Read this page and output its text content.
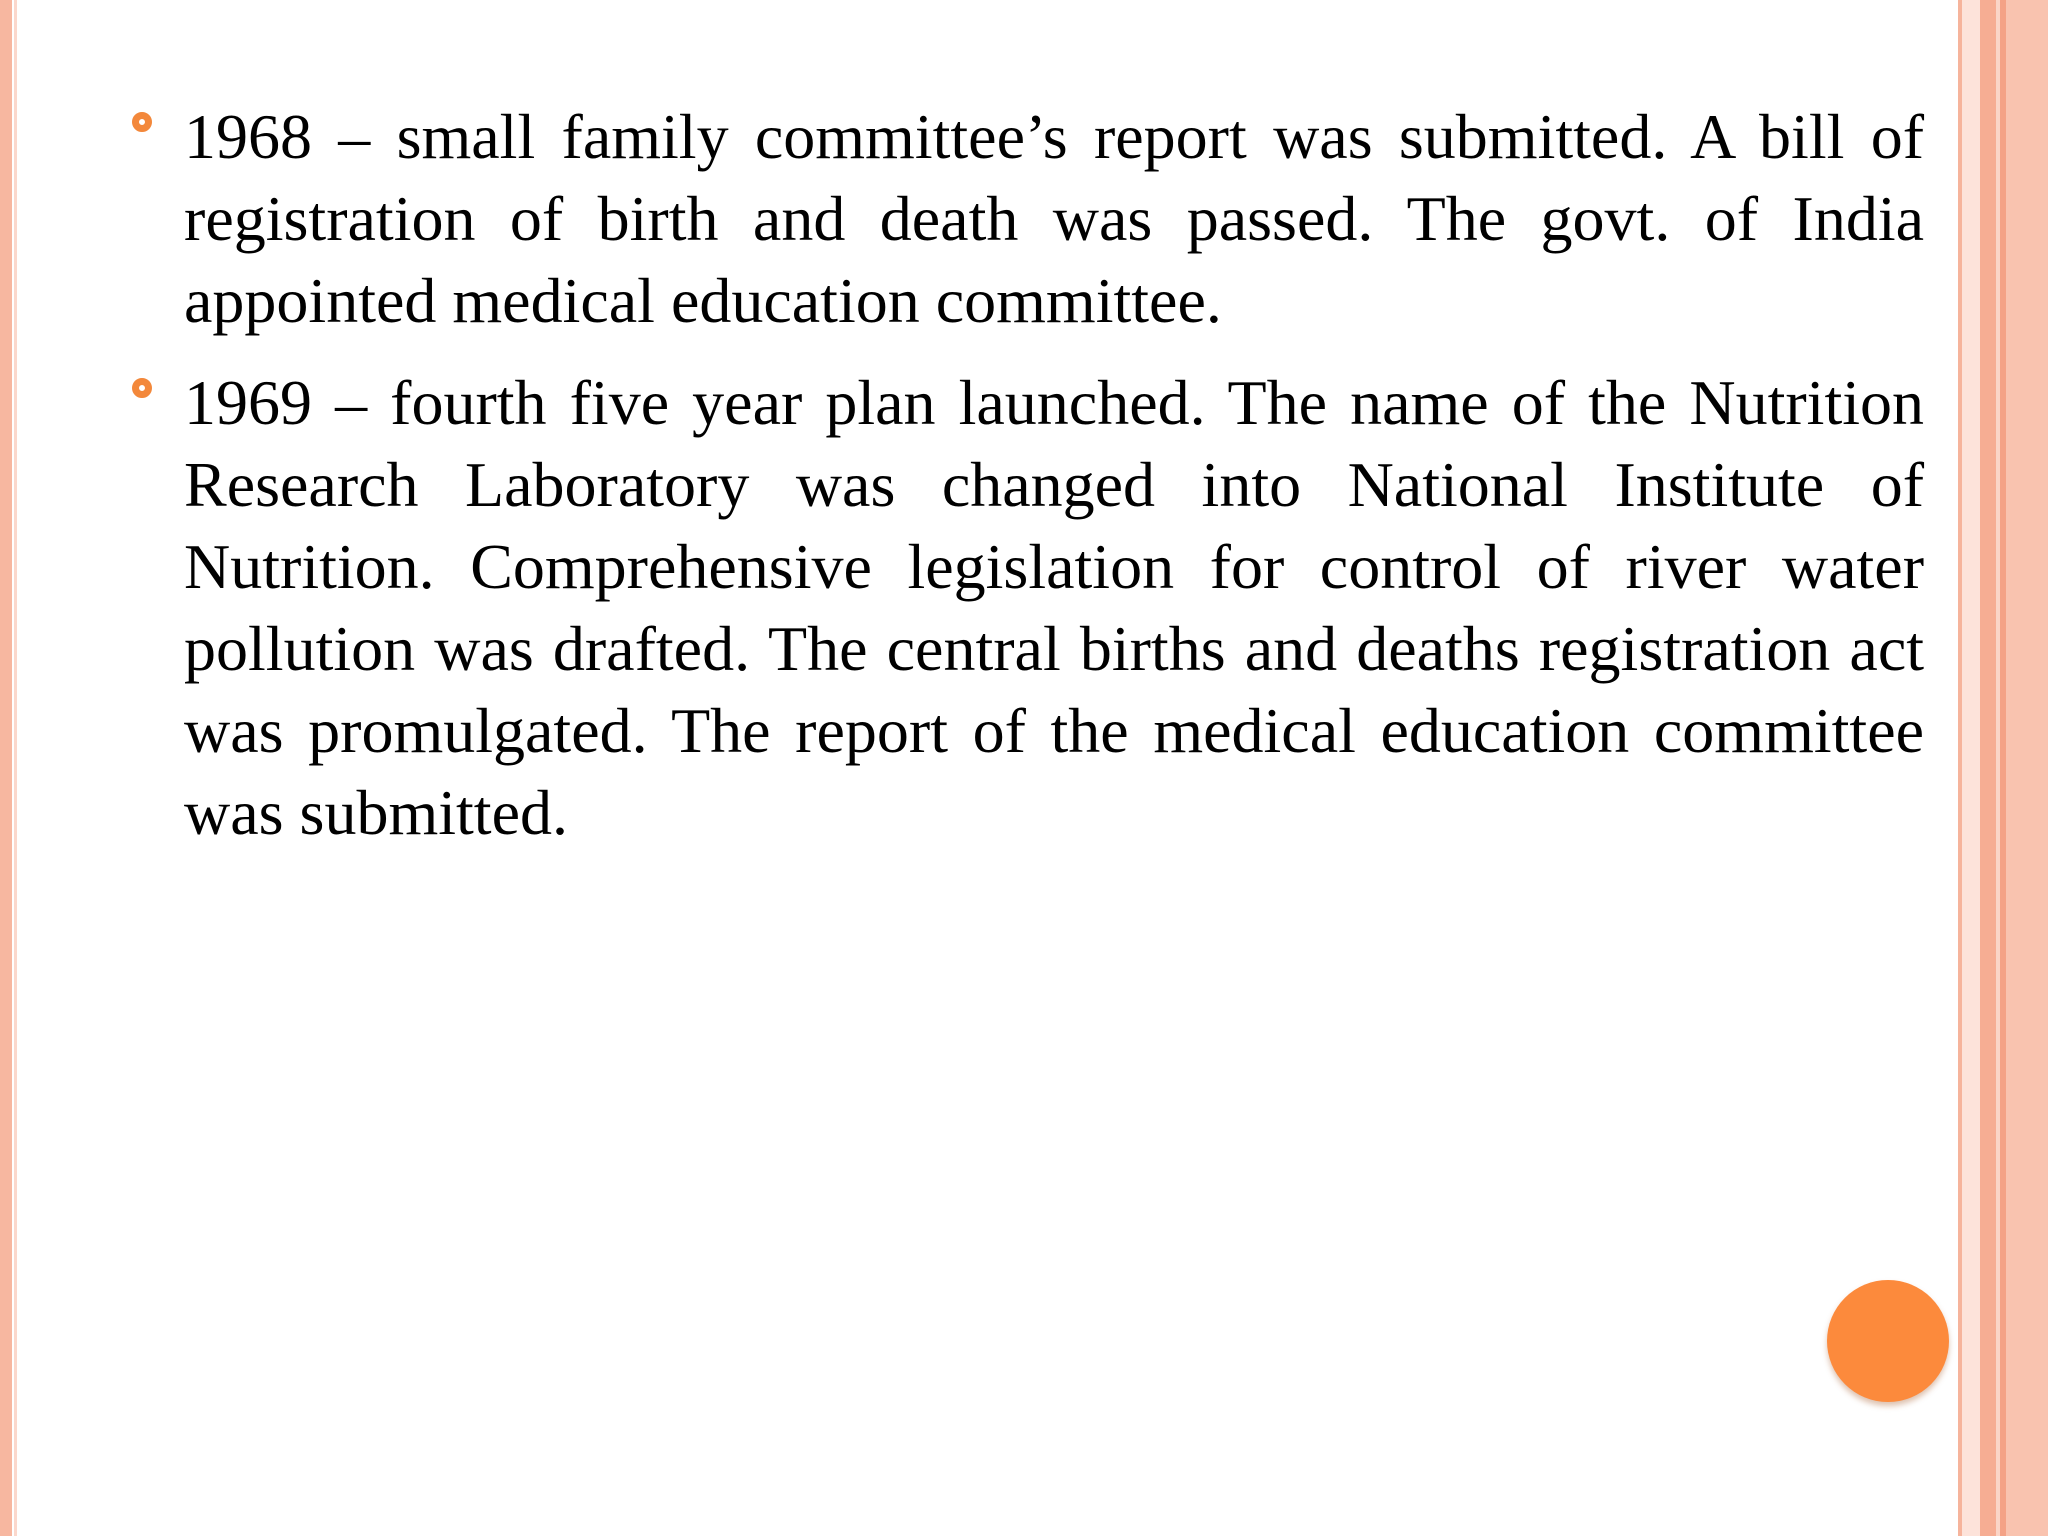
1968 – small family committee’s report was submitted. A bill of registration of birth and death was passed. The govt. of India appointed medical education committee.
1969 – fourth five year plan launched. The name of the Nutrition Research Laboratory was changed into National Institute of Nutrition. Comprehensive legislation for control of river water pollution was drafted. The central births and deaths registration act was promulgated. The report of the medical education committee was submitted.
